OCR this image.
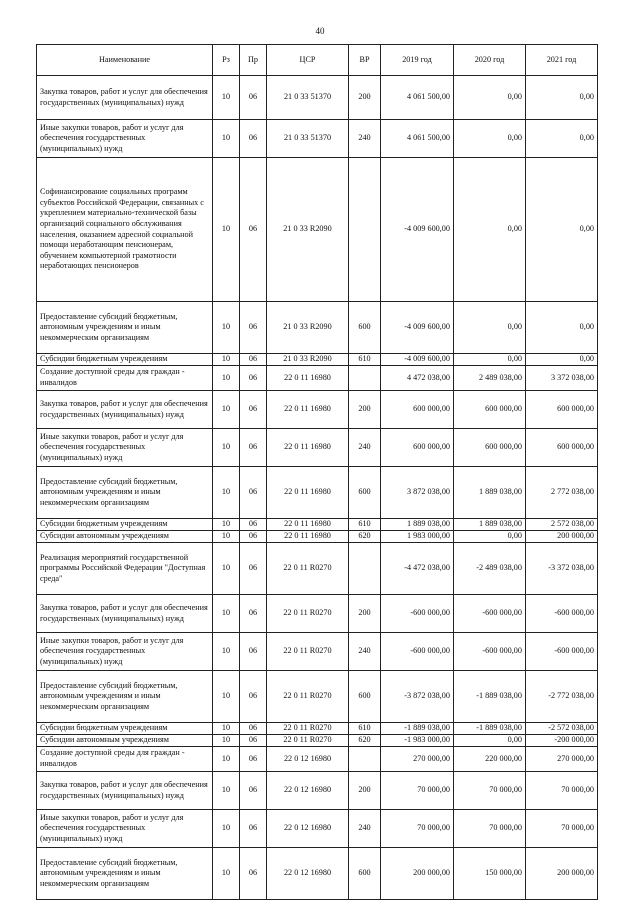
40
Наименование	Рз	Пр	ЦСР	ВР	2019 год	2020 год	2021 год
Закупка товаров, работ и услуг для обеспечения государственных (муниципальных) нужд	10	06	21 0 33 51370	200	4 061 500,00	0,00	0,00
Иные закупки товаров, работ и услуг для обеспечения государственных (муниципальных) нужд	10	06	21 0 33 51370	240	4 061 500,00	0,00	0,00
Софинансирование социальных программ субъектов Российской Федерации, связанных с укреплением материально-технической базы организаций социального обслуживания населения, оказанием адресной социальной помощи неработающим пенсионерам, обучением компьютерной грамотности неработающих пенсионеров	10	06	21 0 33 R2090		-4 009 600,00	0,00	0,00
Предоставление субсидий бюджетным, автономным учреждениям и иным некоммерческим организациям	10	06	21 0 33 R2090	600	-4 009 600,00	0,00	0,00
Субсидии бюджетным учреждениям	10	06	21 0 33 R2090	610	-4 009 600,00	0,00	0,00
Создание доступной среды для граждан - инвалидов	10	06	22 0 11 16980		4 472 038,00	2 489 038,00	3 372 038,00
Закупка товаров, работ и услуг для обеспечения государственных (муниципальных) нужд	10	06	22 0 11 16980	200	600 000,00	600 000,00	600 000,00
Иные закупки товаров, работ и услуг для обеспечения государственных (муниципальных) нужд	10	06	22 0 11 16980	240	600 000,00	600 000,00	600 000,00
Предоставление субсидий бюджетным, автономным учреждениям и иным некоммерческим организациям	10	06	22 0 11 16980	600	3 872 038,00	1 889 038,00	2 772 038,00
Субсидии бюджетным учреждениям	10	06	22 0 11 16980	610	1 889 038,00	1 889 038,00	2 572 038,00
Субсидии автономным учреждениям	10	06	22 0 11 16980	620	1 983 000,00	0,00	200 000,00
Реализация мероприятий государственной программы Российской Федерации "Доступная среда"	10	06	22 0 11 R0270		-4 472 038,00	-2 489 038,00	-3 372 038,00
Закупка товаров, работ и услуг для обеспечения государственных (муниципальных) нужд	10	06	22 0 11 R0270	200	-600 000,00	-600 000,00	-600 000,00
Иные закупки товаров, работ и услуг для обеспечения государственных (муниципальных) нужд	10	06	22 0 11 R0270	240	-600 000,00	-600 000,00	-600 000,00
Предоставление субсидий бюджетным, автономным учреждениям и иным некоммерческим организациям	10	06	22 0 11 R0270	600	-3 872 038,00	-1 889 038,00	-2 772 038,00
Субсидии бюджетным учреждениям	10	06	22 0 11 R0270	610	-1 889 038,00	-1 889 038,00	-2 572 038,00
Субсидии автономным учреждениям	10	06	22 0 11 R0270	620	-1 983 000,00	0,00	-200 000,00
Создание доступной среды для граждан - инвалидов	10	06	22 0 12 16980		270 000,00	220 000,00	270 000,00
Закупка товаров, работ и услуг для обеспечения государственных (муниципальных) нужд	10	06	22 0 12 16980	200	70 000,00	70 000,00	70 000,00
Иные закупки товаров, работ и услуг для обеспечения государственных (муниципальных) нужд	10	06	22 0 12 16980	240	70 000,00	70 000,00	70 000,00
Предоставление субсидий бюджетным, автономным учреждениям и иным некоммерческим организациям	10	06	22 0 12 16980	600	200 000,00	150 000,00	200 000,00
